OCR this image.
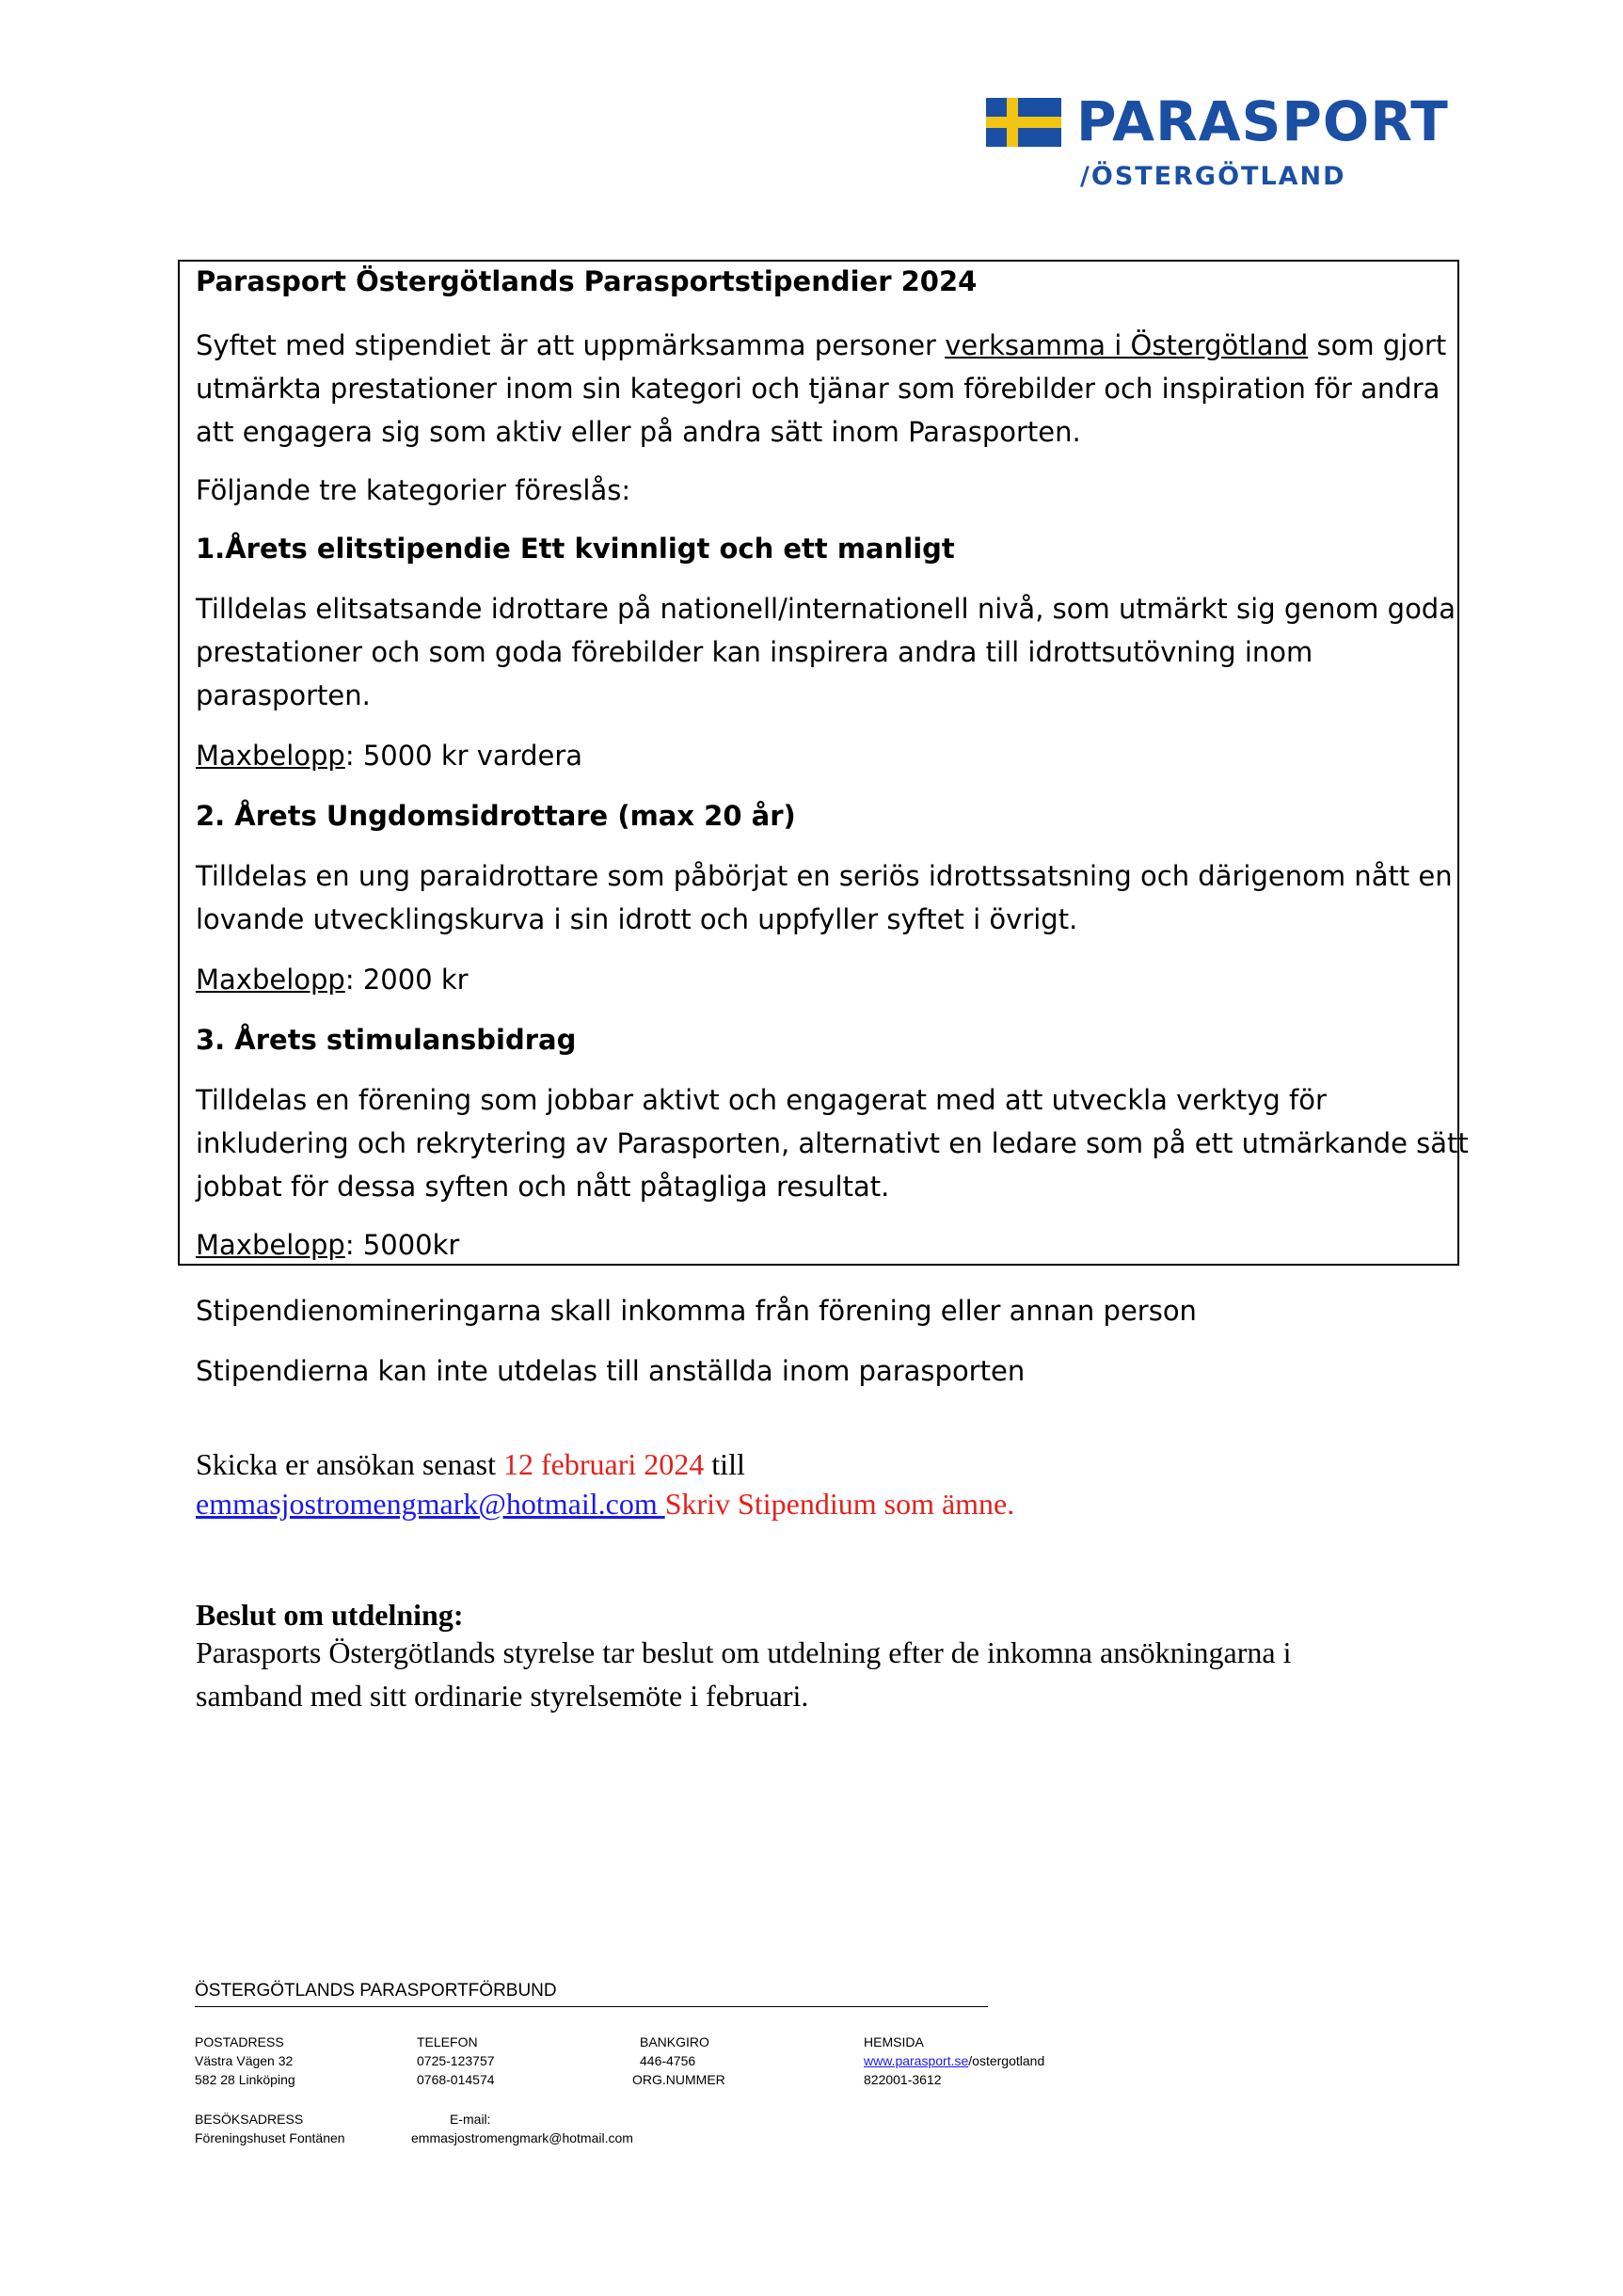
PARASPORT
/ÖSTERGÖTLAND
Parasport Östergötlands Parasportstipendier 2024
Syftet med stipendiet är att uppmärksamma personer verksamma i Östergötland som gjort
utmärkta prestationer inom sin kategori och tjänar som förebilder och inspiration för andra
att engagera sig som aktiv eller på andra sätt inom Parasporten.
Följande tre kategorier föreslås:
1.Årets elitstipendie Ett kvinnligt och ett manligt
Tilldelas elitsatsande idrottare på nationell/internationell nivå, som utmärkt sig genom goda
prestationer och som goda förebilder kan inspirera andra till idrottsutövning inom
parasporten.
Maxbelopp: 5000 kr vardera
2. Årets Ungdomsidrottare (max 20 år)
Tilldelas en ung paraidrottare som påbörjat en seriös idrottssatsning och därigenom nått en
lovande utvecklingskurva i sin idrott och uppfyller syftet i övrigt.
Maxbelopp: 2000 kr
3. Årets stimulansbidrag
Tilldelas en förening som jobbar aktivt och engagerat med att utveckla verktyg för
inkludering och rekrytering av Parasporten, alternativt en ledare som på ett utmärkande sätt
jobbat för dessa syften och nått påtagliga resultat.
Maxbelopp: 5000kr
Stipendienomineringarna skall inkomma från förening eller annan person
Stipendierna kan inte utdelas till anställda inom parasporten
Skicka er ansökan senast 12 februari 2024 till
emmasjostromengmark@hotmail.com Skriv Stipendium som ämne.
Beslut om utdelning:
Parasports Östergötlands styrelse tar beslut om utdelning efter de inkomna ansökningarna i
samband med sitt ordinarie styrelsemöte i februari.
ÖSTERGÖTLANDS PARASPORTFÖRBUND
POSTADRESS
Västra Vägen 32
582 28 Linköping
TELEFON
0725-123757
0768-014574
BANKGIRO
446-4756
ORG.NUMMER
HEMSIDA
www.parasport.se/ostergotland
822001-3612
BESÖKSADRESS
Föreningshuset Fontänen
E-mail:
emmasjostromengmark@hotmail.com
